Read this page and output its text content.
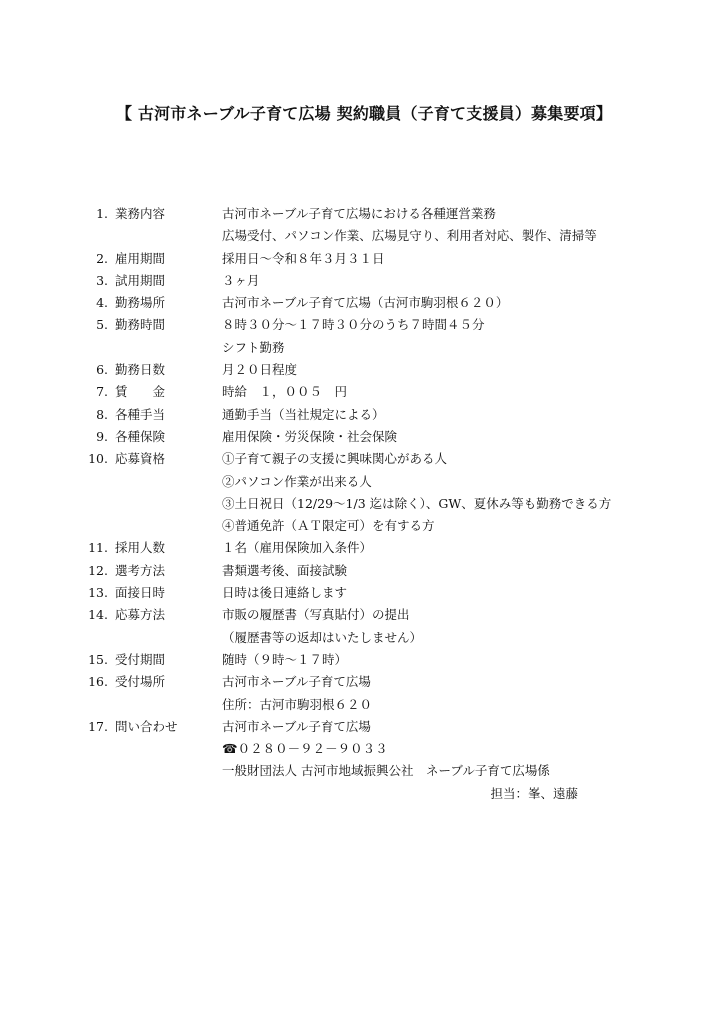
【 古河市ネーブル子育て広場 契約職員（子育て支援員）募集要項】
1. 業務内容	古河市ネーブル子育て広場における各種運営業務
広場受付、パソコン作業、広場見守り、利用者対応、製作、清掃等
2. 雇用期間	採用日～令和８年３月３１日
3. 試用期間	３ヶ月
4. 勤務場所	古河市ネーブル子育て広場（古河市駒羽根６２０）
5. 勤務時間	８時３０分～１７時３０分のうち７時間４５分
シフト勤務
6. 勤務日数	月２０日程度
7. 賃　　金	時給　１，００５　円
8. 各種手当	通勤手当（当社規定による）
9. 各種保険	雇用保険・労災保険・社会保険
10. 応募資格	①子育て親子の支援に興味関心がある人
②パソコン作業が出来る人
③土日祝日（12/29～1/3 迄は除く）、GW、夏休み等も勤務できる方
④普通免許（ＡＴ限定可）を有する方
11. 採用人数	１名（雇用保険加入条件）
12. 選考方法	書類選考後、面接試験
13. 面接日時	日時は後日連絡します
14. 応募方法	市販の履歴書（写真貼付）の提出
（履歴書等の返却はいたしません）
15. 受付期間	随時（９時～１７時）
16. 受付場所	古河市ネーブル子育て広場
住所：古河市駒羽根６２０
17. 問い合わせ	古河市ネーブル子育て広場
☎０２８０－９２－９０３３
一般財団法人 古河市地域振興公社　ネーブル子育て広場係
担当：峯、遠藤
